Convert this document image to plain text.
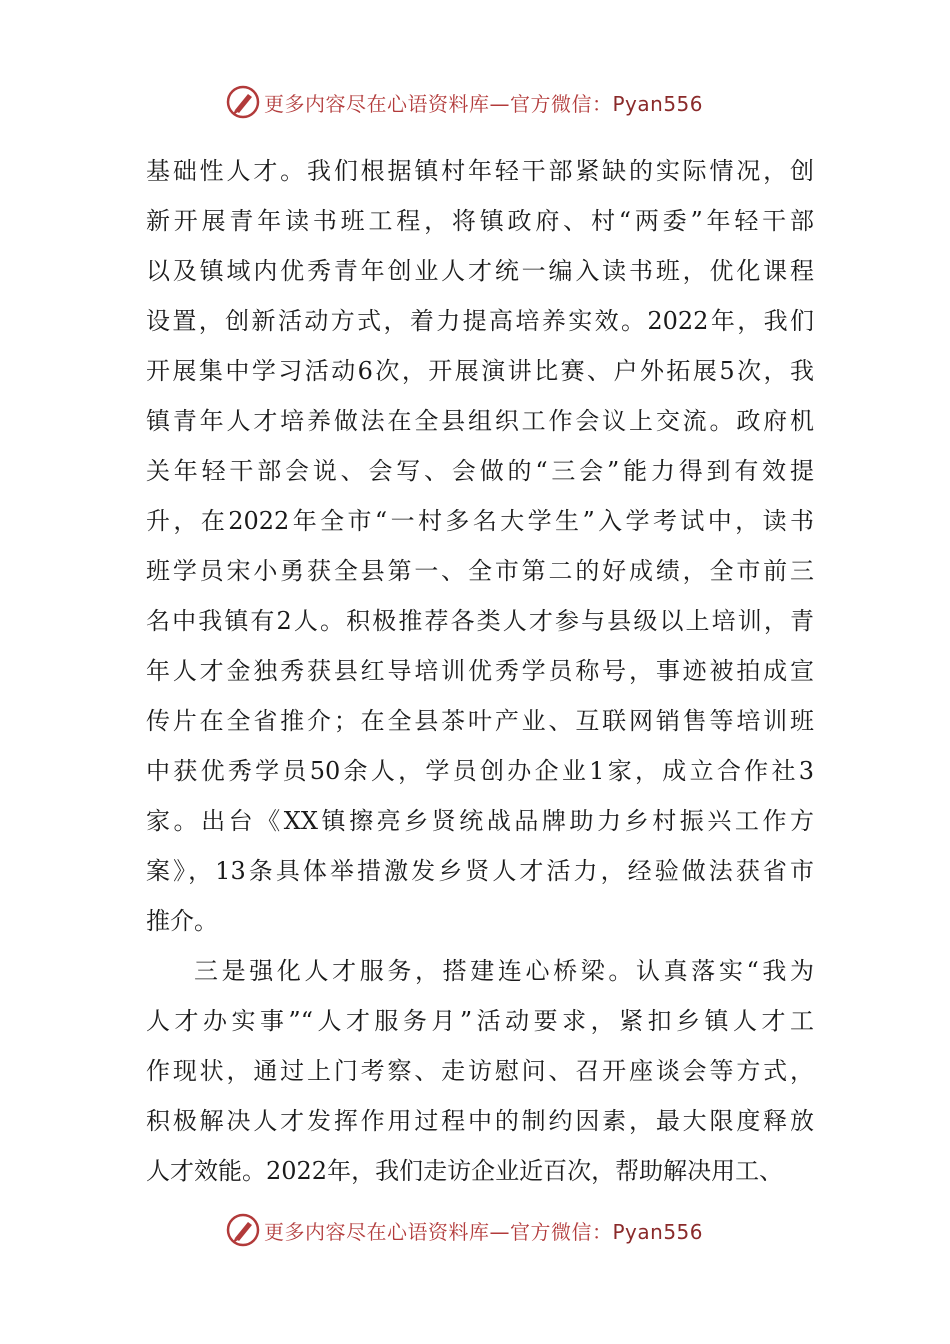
更多内容尽在心语资料库—官方微信：Pyan556
基础性人才。我们根据镇村年轻干部紧缺的实际情况，创
新开展青年读书班工程，将镇政府、村“两委”年轻干部
以及镇域内优秀青年创业人才统一编入读书班，优化课程
设置，创新活动方式，着力提高培养实效。2022年，我们
开展集中学习活动6次，开展演讲比赛、户外拓展5次，我
镇青年人才培养做法在全县组织工作会议上交流。政府机
关年轻干部会说、会写、会做的“三会”能力得到有效提
升，在2022年全市“一村多名大学生”入学考试中，读书
班学员宋小勇获全县第一、全市第二的好成绩，全市前三
名中我镇有2人。积极推荐各类人才参与县级以上培训，青
年人才金独秀获县红导培训优秀学员称号，事迹被拍成宣
传片在全省推介；在全县茶叶产业、互联网销售等培训班
中获优秀学员50余人，学员创办企业1家，成立合作社3
家。出台《XX镇擦亮乡贤统战品牌助力乡村振兴工作方
案》，13条具体举措激发乡贤人才活力，经验做法获省市
推介。
三是强化人才服务，搭建连心桥梁。认真落实“我为
人才办实事”“人才服务月”活动要求，紧扣乡镇人才工
作现状，通过上门考察、走访慰问、召开座谈会等方式，
积极解决人才发挥作用过程中的制约因素，最大限度释放
人才效能。2022年，我们走访企业近百次，帮助解决用工、
更多内容尽在心语资料库—官方微信：Pyan556
